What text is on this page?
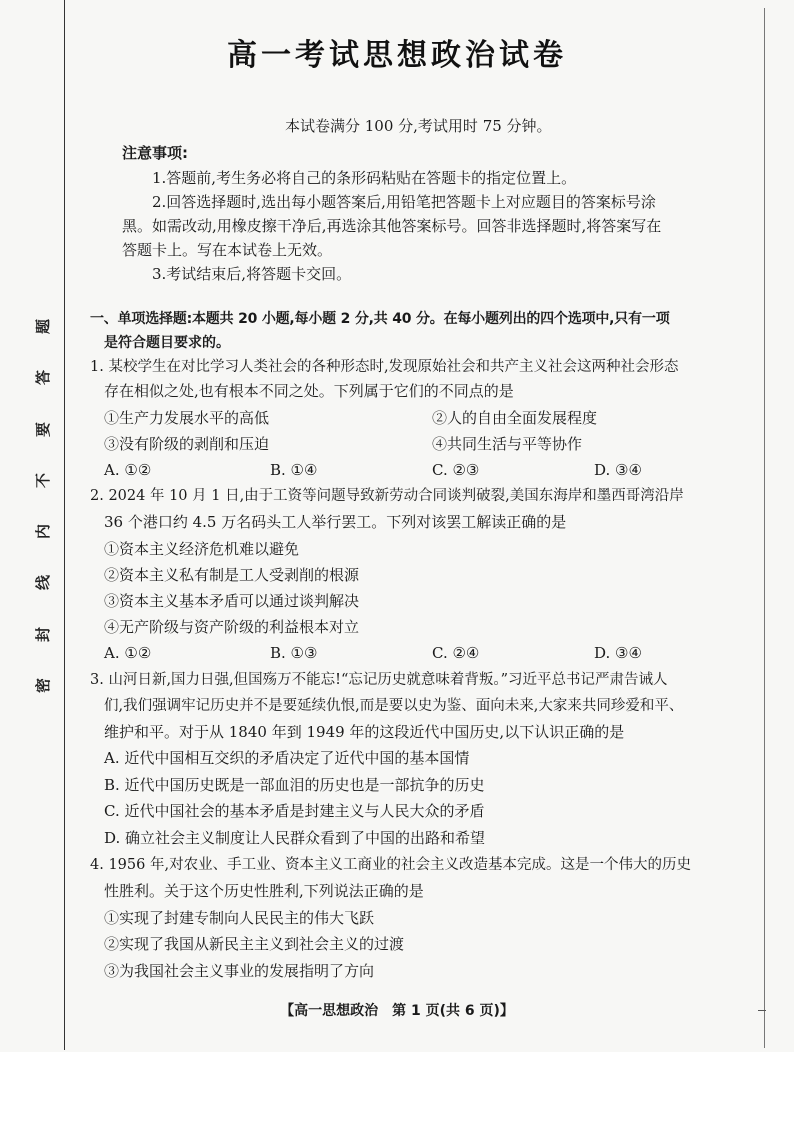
题
答
要
不
内
线
封
密
高一考试思想政治试卷
本试卷满分 100 分,考试用时 75 分钟。
注意事项:
1.答题前,考生务必将自己的条形码粘贴在答题卡的指定位置上。
2.回答选择题时,选出每小题答案后,用铅笔把答题卡上对应题目的答案标号涂
黑。如需改动,用橡皮擦干净后,再选涂其他答案标号。回答非选择题时,将答案写在
答题卡上。写在本试卷上无效。
3.考试结束后,将答题卡交回。
一、单项选择题:本题共 20 小题,每小题 2 分,共 40 分。在每小题列出的四个选项中,只有一项
是符合题目要求的。
1. 某校学生在对比学习人类社会的各种形态时,发现原始社会和共产主义社会这两种社会形态
存在相似之处,也有根本不同之处。下列属于它们的不同点的是
①生产力发展水平的高低	②人的自由全面发展程度
③没有阶级的剥削和压迫	④共同生活与平等协作
A. ①②	B. ①④	C. ②③	D. ③④
2. 2024 年 10 月 1 日,由于工资等问题导致新劳动合同谈判破裂,美国东海岸和墨西哥湾沿岸
36 个港口约 4.5 万名码头工人举行罢工。下列对该罢工解读正确的是
①资本主义经济危机难以避免
②资本主义私有制是工人受剥削的根源
③资本主义基本矛盾可以通过谈判解决
④无产阶级与资产阶级的利益根本对立
A. ①②	B. ①③	C. ②④	D. ③④
3. 山河日新,国力日强,但国殇万不能忘!“忘记历史就意味着背叛。”习近平总书记严肃告诫人
们,我们强调牢记历史并不是要延续仇恨,而是要以史为鉴、面向未来,大家来共同珍爱和平、
维护和平。对于从 1840 年到 1949 年的这段近代中国历史,以下认识正确的是
A. 近代中国相互交织的矛盾决定了近代中国的基本国情
B. 近代中国历史既是一部血泪的历史也是一部抗争的历史
C. 近代中国社会的基本矛盾是封建主义与人民大众的矛盾
D. 确立社会主义制度让人民群众看到了中国的出路和希望
4. 1956 年,对农业、手工业、资本主义工商业的社会主义改造基本完成。这是一个伟大的历史
性胜利。关于这个历史性胜利,下列说法正确的是
①实现了封建专制向人民民主的伟大飞跃
②实现了我国从新民主主义到社会主义的过渡
③为我国社会主义事业的发展指明了方向
【高一思想政治　第 1 页(共 6 页)】
